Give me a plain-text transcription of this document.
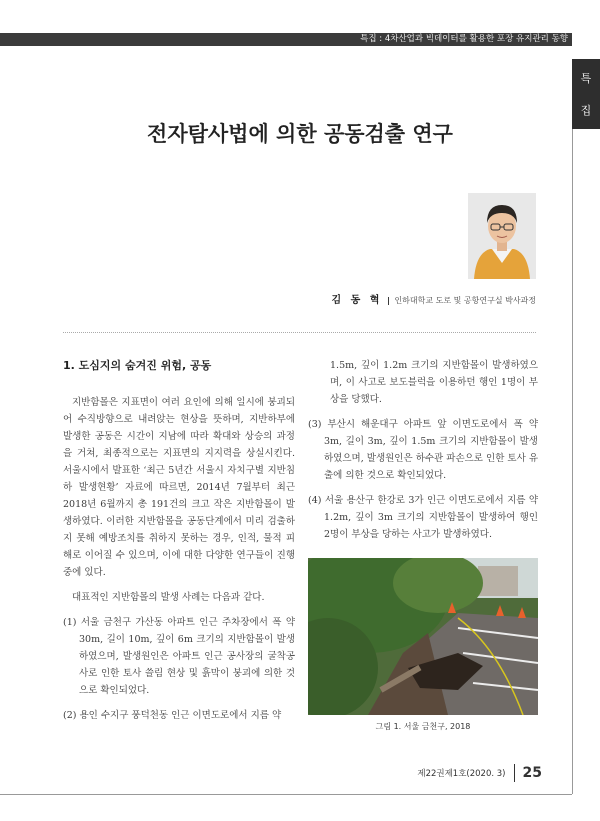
특집 : 4차산업과 빅데이터를 활용한 포장 유지관리 동향
특
집
전자탐사법에 의한 공동검출 연구
김 동 혁 | 인하대학교 도로 및 공항연구실 박사과정
1. 도심지의 숨겨진 위험, 공동

지반함몰은 지표면이 여러 요인에 의해 일시에 붕괴되어 수직방향으로 내려앉는 현상을 뜻하며, 지반하부에 발생한 공동은 시간이 지남에 따라 확대와 상승의 과정을 거쳐, 최종적으로는 지표면의 지지력을 상실시킨다. 서울시에서 발표한 ‘최근 5년간 서울시 자치구별 지반침하 발생현황’ 자료에 따르면, 2014년 7월부터 최근 2018년 6월까지 총 191건의 크고 작은 지반함몰이 발생하였다. 이러한 지반함몰을 공동단계에서 미리 검출하지 못해 예방조치를 취하지 못하는 경우, 인적, 물적 피해로 이어질 수 있으며, 이에 대한 다양한 연구들이 진행 중에 있다.

대표적인 지반함몰의 발생 사례는 다음과 같다.

(1) 서울 금천구 가산동 아파트 인근 주차장에서 폭 약 30m, 길이 10m, 깊이 6m 크기의 지반함몰이 발생하였으며, 발생원인은 아파트 인근 공사장의 굴착공사로 인한 토사 쓸림 현상 및 흙막이 붕괴에 의한 것으로 확인되었다.

(2) 용인 수지구 풍덕천동 인근 이면도로에서 지름 약

1.5m, 깊이 1.2m 크기의 지반함몰이 발생하였으며, 이 사고로 보도블럭을 이용하던 행인 1명이 부상을 당했다.

(3) 부산시 해운대구 아파트 앞 이면도로에서 폭 약 3m, 길이 3m, 깊이 1.5m 크기의 지반함몰이 발생하였으며, 발생원인은 하수관 파손으로 인한 토사 유출에 의한 것으로 확인되었다.

(4) 서울 용산구 한강로 3가 인근 이면도로에서 지름 약 1.2m, 깊이 3m 크기의 지반함몰이 발생하여 행인 2명이 부상을 당하는 사고가 발생하였다.

그림 1. 서울 금천구, 2018
제22권제1호(2020. 3) 25
